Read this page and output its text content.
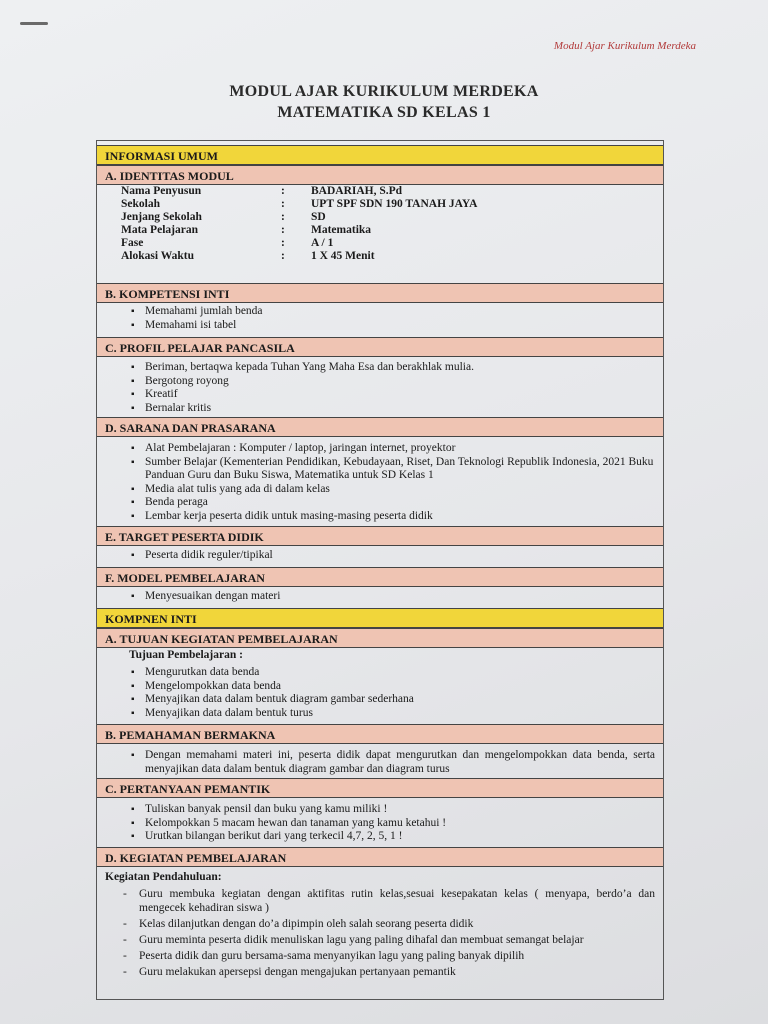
Modul Ajar Kurikulum Merdeka
MODUL AJAR KURIKULUM MERDEKA
MATEMATIKA SD KELAS 1
INFORMASI UMUM
A. IDENTITAS MODUL
Nama Penyusun	: BADARIAH, S.Pd
Sekolah	: UPT SPF SDN 190 TANAH JAYA
Jenjang Sekolah	: SD
Mata Pelajaran	: Matematika
Fase	: A / 1
Alokasi Waktu	: 1 X 45 Menit
B. KOMPETENSI INTI
▪ Memahami jumlah benda
▪ Memahami isi tabel
C. PROFIL PELAJAR PANCASILA
▪ Beriman, bertaqwa kepada Tuhan Yang Maha Esa dan berakhlak mulia.
▪ Bergotong royong
▪ Kreatif
▪ Bernalar kritis
D. SARANA DAN PRASARANA
▪ Alat Pembelajaran : Komputer / laptop, jaringan internet, proyektor
▪ Sumber Belajar (Kementerian Pendidikan, Kebudayaan, Riset, Dan Teknologi Republik Indonesia, 2021 Buku Panduan Guru dan Buku Siswa, Matematika untuk SD Kelas 1
▪ Media alat tulis yang ada di dalam kelas
▪ Benda peraga
▪ Lembar kerja peserta didik untuk masing-masing peserta didik
E. TARGET PESERTA DIDIK
▪ Peserta didik reguler/tipikal
F. MODEL PEMBELAJARAN
▪ Menyesuaikan dengan materi
KOMPNEN INTI
A. TUJUAN KEGIATAN PEMBELAJARAN
Tujuan Pembelajaran :
▪ Mengurutkan data benda
▪ Mengelompokkan data benda
▪ Menyajikan data dalam bentuk diagram gambar sederhana
▪ Menyajikan data dalam bentuk turus
B. PEMAHAMAN BERMAKNA
▪ Dengan memahami materi ini, peserta didik dapat mengurutkan dan mengelompokkan data benda, serta menyajikan data dalam bentuk diagram gambar dan diagram turus
C. PERTANYAAN PEMANTIK
▪ Tuliskan banyak pensil dan buku yang kamu miliki !
▪ Kelompokkan 5 macam hewan dan tanaman yang kamu ketahui !
▪ Urutkan bilangan berikut dari yang terkecil 4,7, 2, 5, 1 !
D. KEGIATAN PEMBELAJARAN
Kegiatan Pendahuluan:
- Guru membuka kegiatan dengan aktifitas rutin kelas,sesuai kesepakatan kelas ( menyapa, berdo’a dan mengecek kehadiran siswa )
- Kelas dilanjutkan dengan do’a dipimpin oleh salah seorang peserta didik
- Guru meminta peserta didik menuliskan lagu yang paling dihafal dan membuat semangat belajar
- Peserta didik dan guru bersama-sama menyanyikan lagu yang paling banyak dipilih
- Guru melakukan apersepsi dengan mengajukan pertanyaan pemantik
